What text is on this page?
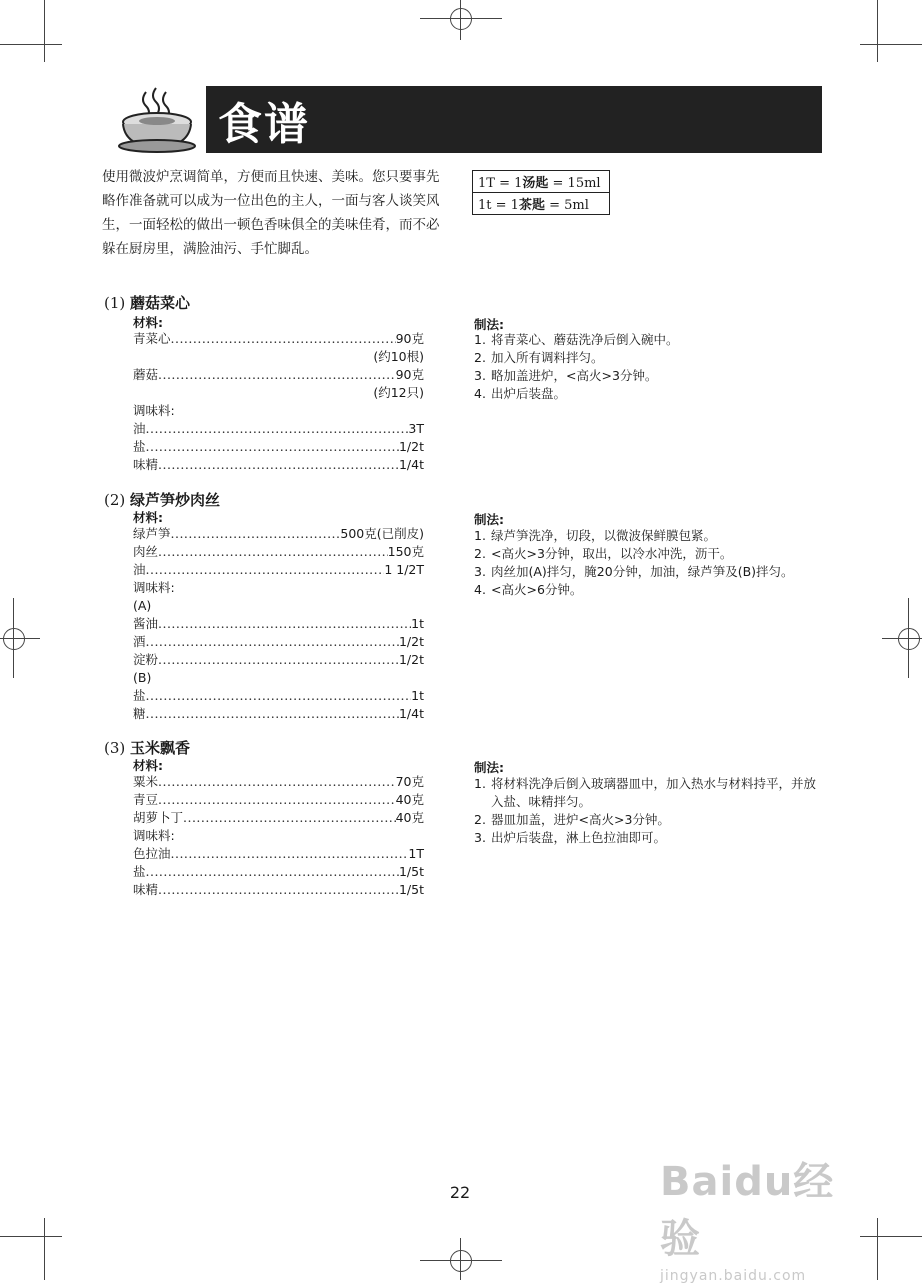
食谱
使用微波炉烹调简单，方便而且快速、美味。您只要事先略作准备就可以成为一位出色的主人，一面与客人谈笑风生，一面轻松的做出一顿色香味俱全的美味佳肴，而不必躲在厨房里，满脸油污、手忙脚乱。
1T = 1汤匙 = 15ml
1t = 1茶匙 = 5ml
(1) 蘑菇菜心
材料:
青菜心 .....	90克
(约10根)
蘑菇 .....	90克
(约12只)
调味料:
油 .....	3T
盐 .....	1/2t
味精 .....	1/4t
制法:
1. 将青菜心、蘑菇洗净后倒入碗中。
2. 加入所有调料拌匀。
3. 略加盖进炉，<高火>3分钟。
4. 出炉后装盘。
(2) 绿芦笋炒肉丝
材料:
绿芦笋 .....	500克(已削皮)
肉丝 .....	150克
油 .....	1 1/2T
调味料:
(A)
酱油 .....	1t
酒 .....	1/2t
淀粉 .....	1/2t
(B)
盐 .....	1t
糖 .....	1/4t
制法:
1. 绿芦笋洗净，切段，以微波保鲜膜包紧。
2. <高火>3分钟，取出，以冷水冲洗，沥干。
3. 肉丝加(A)拌匀，腌20分钟，加油，绿芦笋及(B)拌匀。
4. <高火>6分钟。
(3) 玉米飘香
材料:
粟米 .....	70克
青豆 .....	40克
胡萝卜丁 .....	40克
调味料:
色拉油 .....	1T
盐 .....	1/5t
味精 .....	1/5t
制法:
1. 将材料洗净后倒入玻璃器皿中，加入热水与材料持平，并放入盐、味精拌匀。
2. 器皿加盖，进炉<高火>3分钟。
3. 出炉后装盘，淋上色拉油即可。
22	Baidu经验
jingyan.baidu.com
